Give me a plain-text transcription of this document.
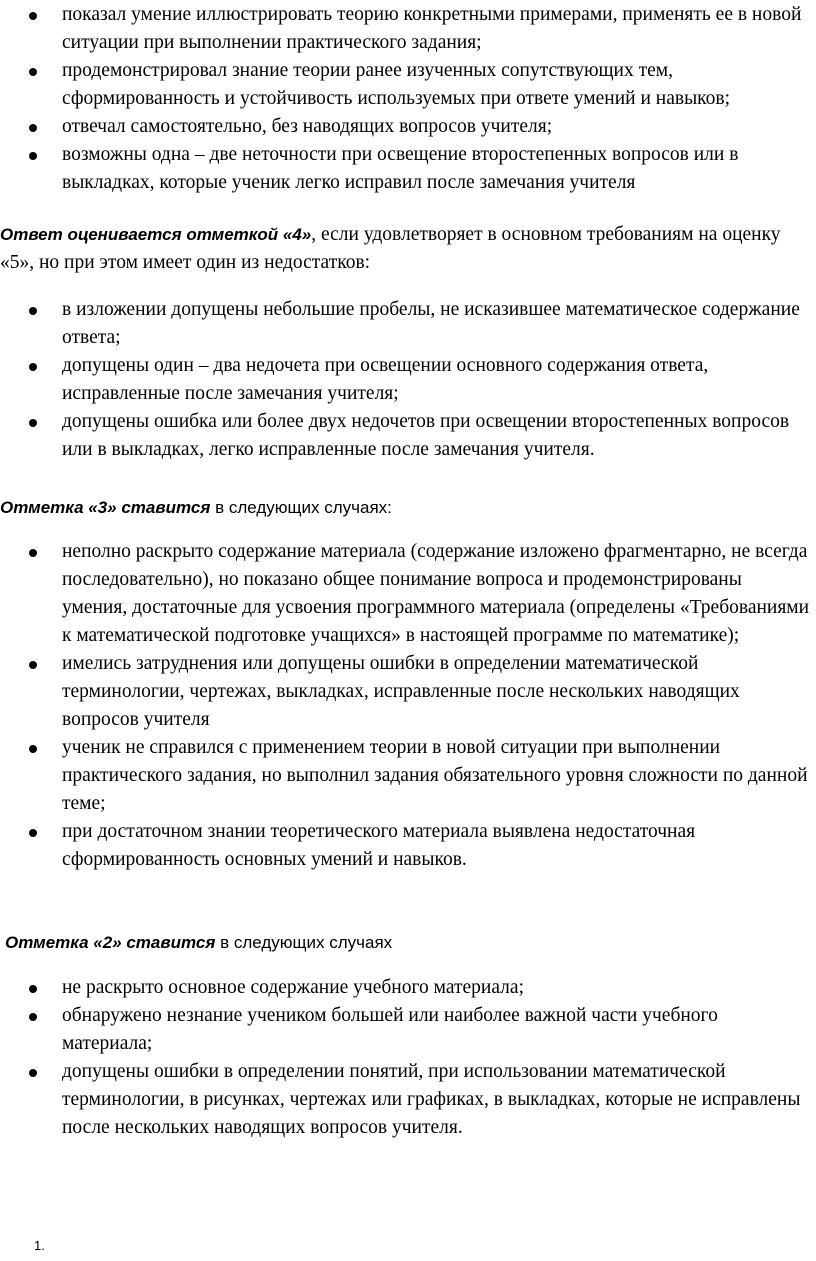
показал умение иллюстрировать теорию конкретными примерами, применять ее в новой ситуации при выполнении практического задания;
продемонстрировал знание теории ранее изученных сопутствующих тем, сформированность и устойчивость используемых при ответе умений и навыков;
отвечал самостоятельно, без наводящих вопросов учителя;
возможны одна – две неточности при освещение второстепенных вопросов или в выкладках, которые ученик легко исправил после замечания учителя
Ответ оценивается отметкой «4», если удовлетворяет в основном требованиям на оценку «5», но при этом имеет один из недостатков:
в изложении допущены небольшие пробелы, не исказившее математическое содержание ответа;
допущены один – два недочета при освещении основного содержания ответа, исправленные после замечания учителя;
допущены ошибка или более двух недочетов при освещении второстепенных вопросов или в выкладках, легко исправленные после замечания учителя.
Отметка «3» ставится в следующих случаях:
неполно раскрыто содержание материала (содержание изложено фрагментарно, не всегда последовательно), но показано общее понимание вопроса и продемонстрированы умения, достаточные для усвоения программного материала (определены «Требованиями к математической подготовке учащихся» в настоящей программе по математике);
имелись затруднения или допущены ошибки в определении математической терминологии, чертежах, выкладках, исправленные после нескольких наводящих вопросов учителя
ученик не справился с применением теории в новой ситуации при выполнении практического задания, но выполнил задания обязательного уровня сложности по данной теме;
при достаточном знании теоретического материала выявлена недостаточная сформированность основных умений и навыков.
Отметка «2» ставится в следующих случаях
не раскрыто основное содержание учебного материала;
обнаружено незнание учеником большей или наиболее важной части учебного материала;
допущены ошибки в определении понятий, при использовании математической терминологии, в рисунках, чертежах или графиках, в выкладках, которые не исправлены после нескольких наводящих вопросов учителя.
1.
